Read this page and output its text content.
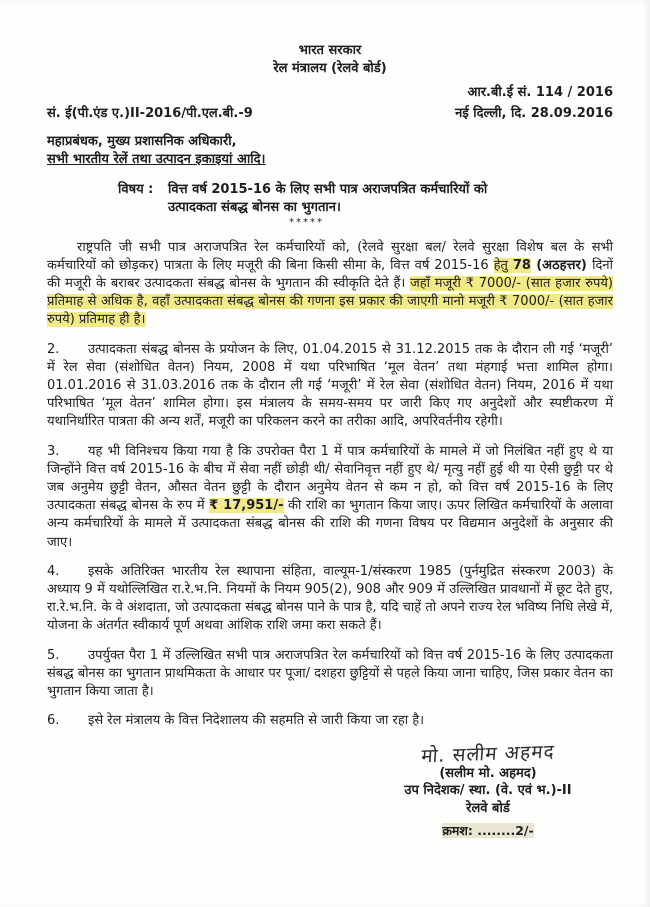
भारत सरकार
रेल मंत्रालय (रेलवे बोर्ड)
आर.बी.ई सं. 114 / 2016
सं. ई(पी.एंड ए.)II-2016/पी.एल.बी.-9	नई दिल्ली, दि. 28.09.2016
महाप्रबंधक, मुख्य प्रशासनिक अधिकारी,
सभी भारतीय रेलें तथा उत्पादन इकाइयां आदि।
विषय :	वित्त वर्ष 2015-16 के लिए सभी पात्र अराजपत्रित कर्मचारियों को
उत्पादकता संबद्ध बोनस का भुगतान।
*****

राष्ट्रपति जी सभी पात्र अराजपत्रित रेल कर्मचारियों को, (रेलवे सुरक्षा बल/ रेलवे सुरक्षा विशेष बल के सभी कर्मचारियों को छोड़कर) पात्रता के लिए मजूरी की बिना किसी सीमा के, वित्त वर्ष 2015-16 हेतु 78 (अठहत्तर) दिनों की मजूरी के बराबर उत्पादकता संबद्ध बोनस के भुगतान की स्वीकृति देते हैं। जहाँ मजूरी ₹ 7000/- (सात हजार रुपये) प्रतिमाह से अधिक है, वहाँ उत्पादकता संबद्ध बोनस की गणना इस प्रकार की जाएगी मानो मजूरी ₹ 7000/- (सात हजार रुपये) प्रतिमाह ही है।

2. उत्पादकता संबद्ध बोनस के प्रयोजन के लिए, 01.04.2015 से 31.12.2015 तक के दौरान ली गई ‘मजूरी’ में रेल सेवा (संशोधित वेतन) नियम, 2008 में यथा परिभाषित ‘मूल वेतन’ तथा मंहगाई भत्ता शामिल होगा। 01.01.2016 से 31.03.2016 तक के दौरान ली गई ‘मजूरी’ में रेल सेवा (संशोधित वेतन) नियम, 2016 में यथा परिभाषित ‘मूल वेतन’ शामिल होगा। इस मंत्रालय के समय-समय पर जारी किए गए अनुदेशों और स्पष्टीकरण में यथानिर्धारित पात्रता की अन्य शर्तें, मजूरी का परिकलन करने का तरीका आदि, अपरिवर्तनीय रहेगी।

3. यह भी विनिश्चय किया गया है कि उपरोक्त पैरा 1 में पात्र कर्मचारियों के मामले में जो निलंबित नहीं हुए थे या जिन्होंने वित्त वर्ष 2015-16 के बीच में सेवा नहीं छोड़ी थी/ सेवानिवृत्त नहीं हुए थे/ मृत्यु नहीं हुई थी या ऐसी छुट्टी पर थे जब अनुमेय छुट्टी वेतन, औसत वेतन छुट्टी के दौरान अनुमेय वेतन से कम न हो, को वित्त वर्ष 2015-16 के लिए उत्पादकता संबद्ध बोनस के रुप में ₹ 17,951/- की राशि का भुगतान किया जाए। ऊपर लिखित कर्मचारियों के अलावा अन्य कर्मचारियों के मामले में उत्पादकता संबद्ध बोनस की राशि की गणना विषय पर विद्यमान अनुदेशों के अनुसार की जाए।

4. इसके अतिरिक्त भारतीय रेल स्थापाना संहिता, वाल्यूम-1/संस्करण 1985 (पुर्नमुद्रित संस्करण 2003) के अध्याय 9 में यथोल्लिखित रा.रे.भ.नि. नियमों के नियम 905(2), 908 और 909 में उल्लिखित प्रावधानों में छूट देते हुए, रा.रे.भ.नि. के वे अंशदाता, जो उत्पादकता संबद्ध बोनस पाने के पात्र है, यदि चाहें तो अपने राज्य रेल भविष्य निधि लेखे में, योजना के अंतर्गत स्वीकार्य पूर्ण अथवा आंशिक राशि जमा करा सकते हैं।

5. उपर्युक्त पैरा 1 में उल्लिखित सभी पात्र अराजपत्रित रेल कर्मचारियों को वित्त वर्ष 2015-16 के लिए उत्पादकता संबद्ध बोनस का भुगतान प्राथमिकता के आधार पर पूजा/ दशहरा छुट्टियों से पहले किया जाना चाहिए, जिस प्रकार वेतन का भुगतान किया जाता है।

6. इसे रेल मंत्रालय के वित्त निदेशालय की सहमति से जारी किया जा रहा है।

मो. सलीम अहमद
(सलीम मो. अहमद)
उप निदेशक/ स्था. (वे. एवं भ.)-II
रेलवे बोर्ड
क्रमश: ........2/-
